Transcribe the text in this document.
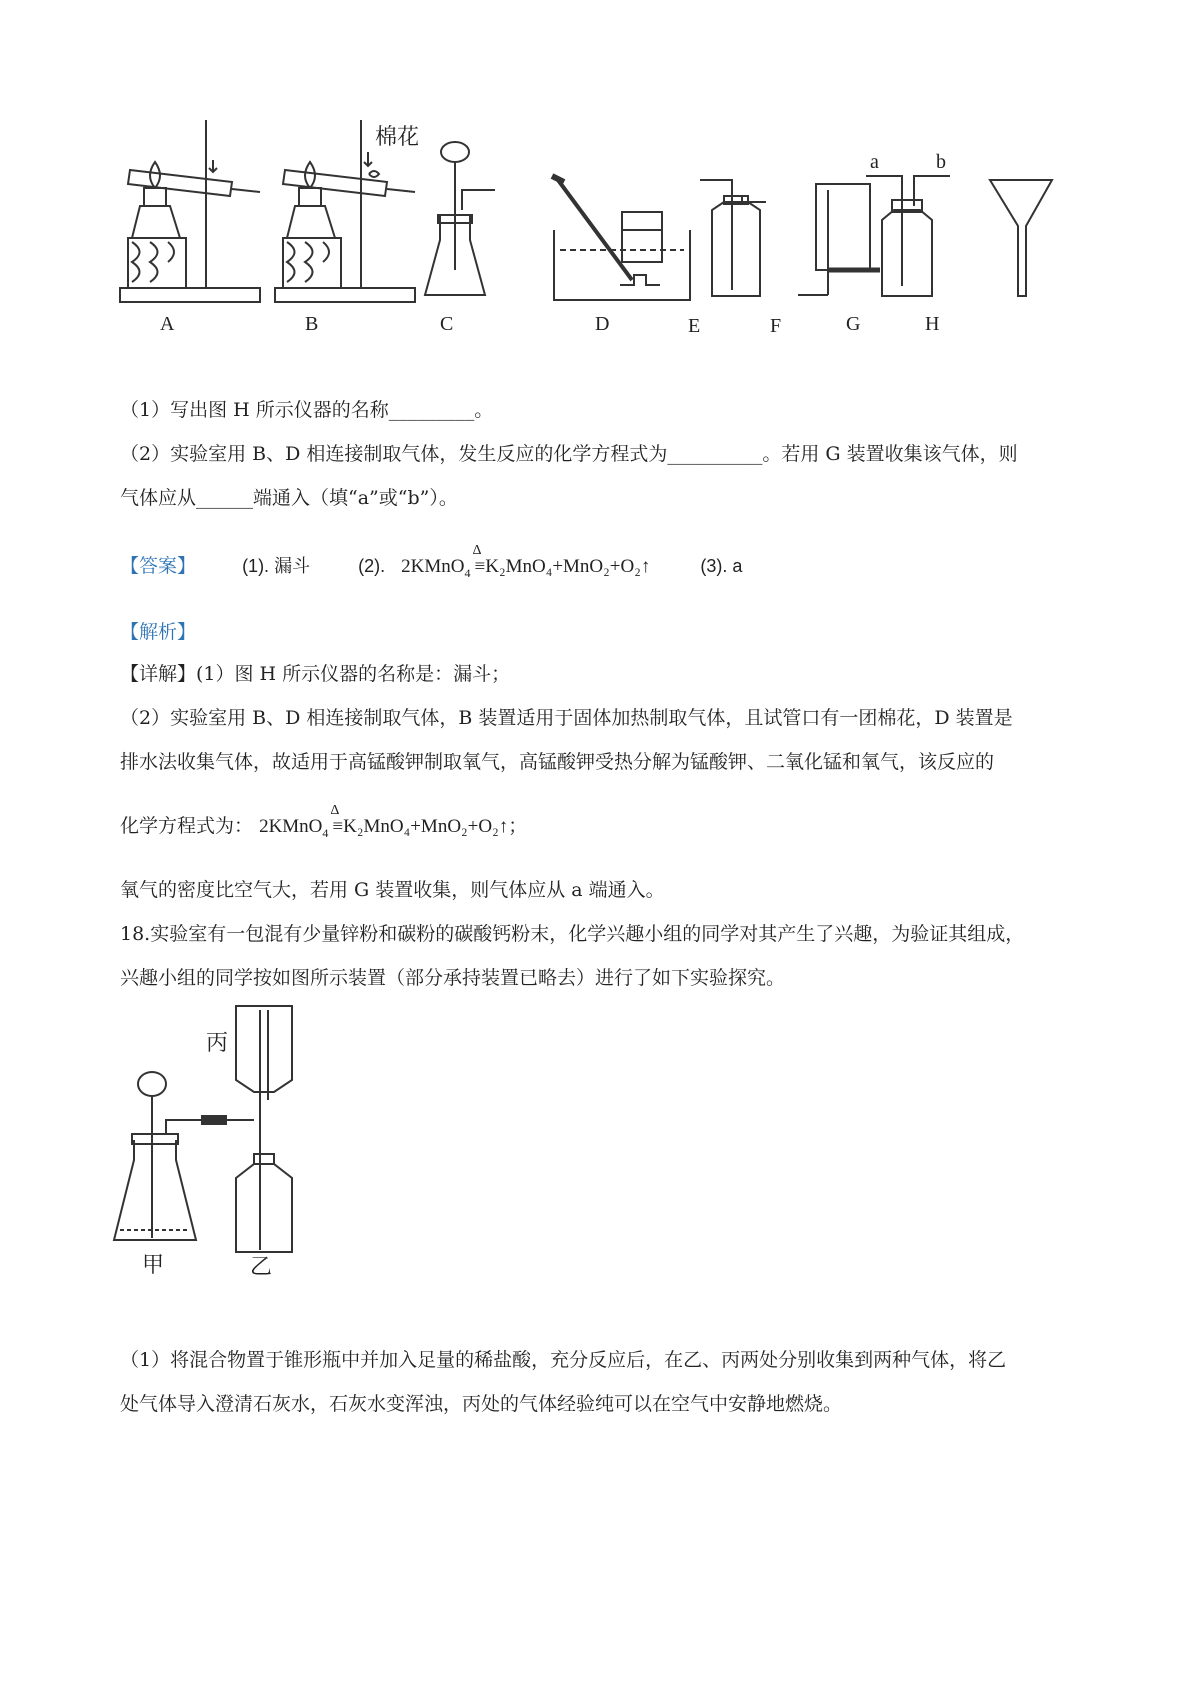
棉花
a	b
A	B	C	D	E	F	G	H
（1）写出图 H 所示仪器的名称_________。
（2）实验室用 B、D 相连接制取气体，发生反应的化学方程式为__________。若用 G 装置收集该气体，则
气体应从______端通入（填“a”或“b”）。
【答案】	(1). 漏斗	(2). 2KMnO$_4$
Δ
≡K₂MnO₄+MnO₂+O₂↑	(3). a
【解析】
【详解】(1）图 H 所示仪器的名称是：漏斗；
（2）实验室用 B、D 相连接制取气体，B 装置适用于固体加热制取气体，且试管口有一团棉花，D 装置是
排水法收集气体，故适用于高锰酸钾制取氧气，高锰酸钾受热分解为锰酸钾、二氧化锰和氧气，该反应的
化学方程式为： 2KMnO$_4$
Δ
≡K₂MnO₄+MnO₂+O₂↑；
氧气的密度比空气大，若用 G 装置收集，则气体应从 a 端通入。
18.实验室有一包混有少量锌粉和碳粉的碳酸钙粉末，化学兴趣小组的同学对其产生了兴趣，为验证其组成，
兴趣小组的同学按如图所示装置（部分承持装置已略去）进行了如下实验探究。
丙
甲	乙
（1）将混合物置于锥形瓶中并加入足量的稀盐酸，充分反应后，在乙、丙两处分别收集到两种气体，将乙
处气体导入澄清石灰水，石灰水变浑浊，丙处的气体经验纯可以在空气中安静地燃烧。
